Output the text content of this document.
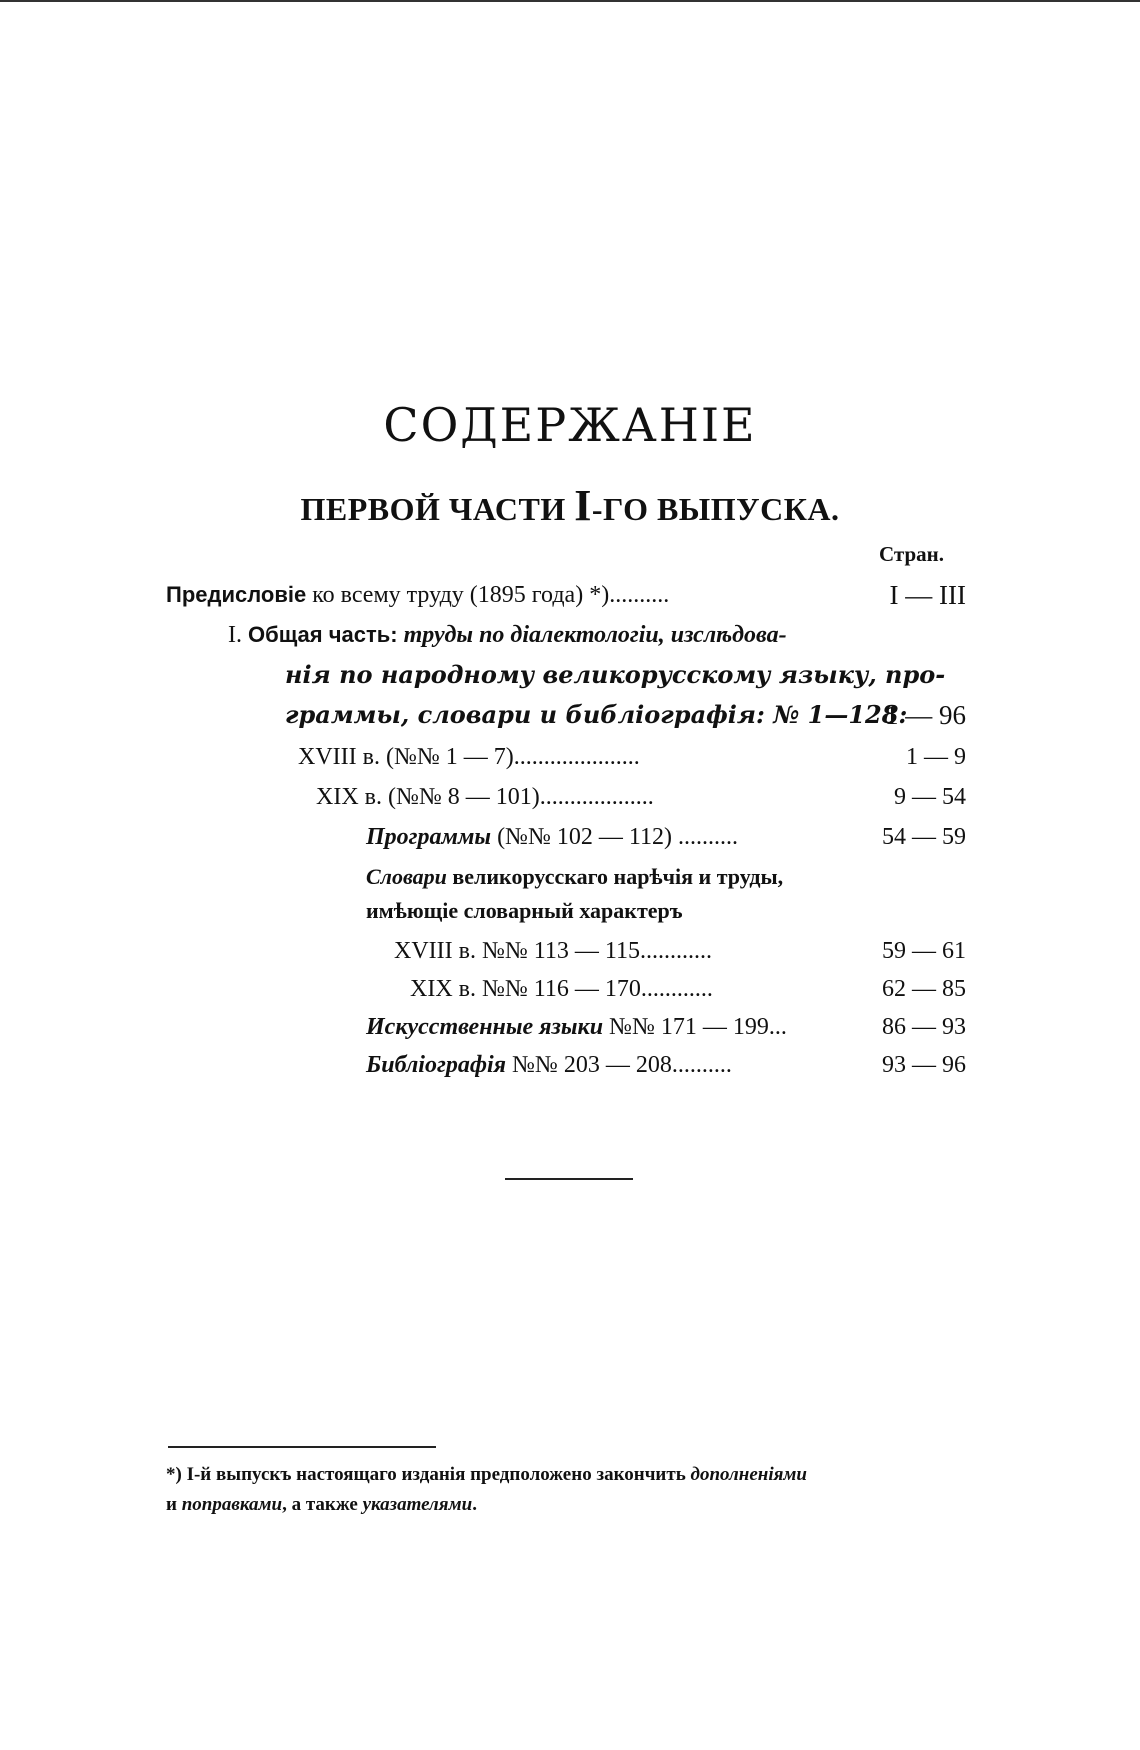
СОДЕРЖАНІЕ
ПЕРВОЙ ЧАСТИ I-ГО ВЫПУСКА.
Стран.
Предисловіе ко всему труду (1895 года) *)..........	I — III
I. Общая часть: труды по діалектологіи, изслѣдова-
нія по народному великорусскому языку, про-
граммы, словари и библіографія: № 1—128:
1 — 96
XVIII в. (№№ 1 — 7).....................	1 — 9
XIX в. (№№ 8 — 101)...................	9 — 54
Программы (№№ 102 — 112) ..........	54 — 59
Словари великорусскаго нарѣчія и труды,
имѣющіе словарный характеръ
XVIII в. №№ 113 — 115............	59 — 61
XIX в. №№ 116 — 170............	62 — 85
Искусственные языки №№ 171 — 199...	86 — 93
Библіографія №№ 203 — 208..........	93 — 96
*) I-й выпускъ настоящаго изданія предположено закончить дополненіями
и поправками, а также указателями.
